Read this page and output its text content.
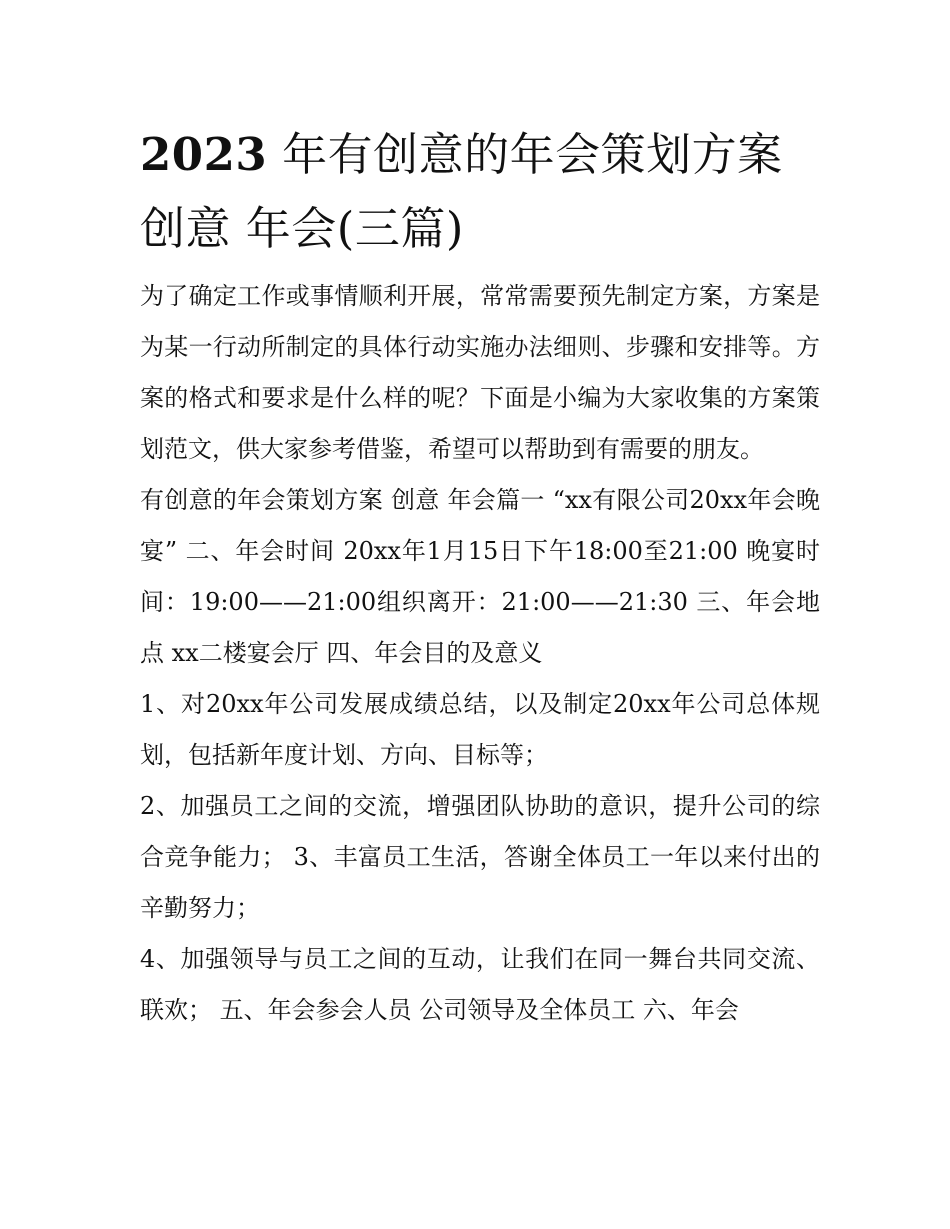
2023 年有创意的年会策划方案创意 年会(三篇)

为了确定工作或事情顺利开展，常常需要预先制定方案，方案是为某一行动所制定的具体行动实施办法细则、步骤和安排等。方案的格式和要求是什么样的呢？下面是小编为大家收集的方案策划范文，供大家参考借鉴，希望可以帮助到有需要的朋友。

有创意的年会策划方案 创意 年会篇一 “xx有限公司20xx年会晚宴” 二、年会时间 20xx年1月15日下午18:00至21:00 晚宴时间：19:00——21:00组织离开：21:00——21:30 三、年会地点 xx二楼宴会厅 四、年会目的及意义

1、对20xx年公司发展成绩总结，以及制定20xx年公司总体规划，包括新年度计划、方向、目标等；

2、加强员工之间的交流，增强团队协助的意识，提升公司的综合竞争能力； 3、丰富员工生活，答谢全体员工一年以来付出的辛勤努力；

4、加强领导与员工之间的互动，让我们在同一舞台共同交流、联欢； 五、年会参会人员 公司领导及全体员工 六、年会
